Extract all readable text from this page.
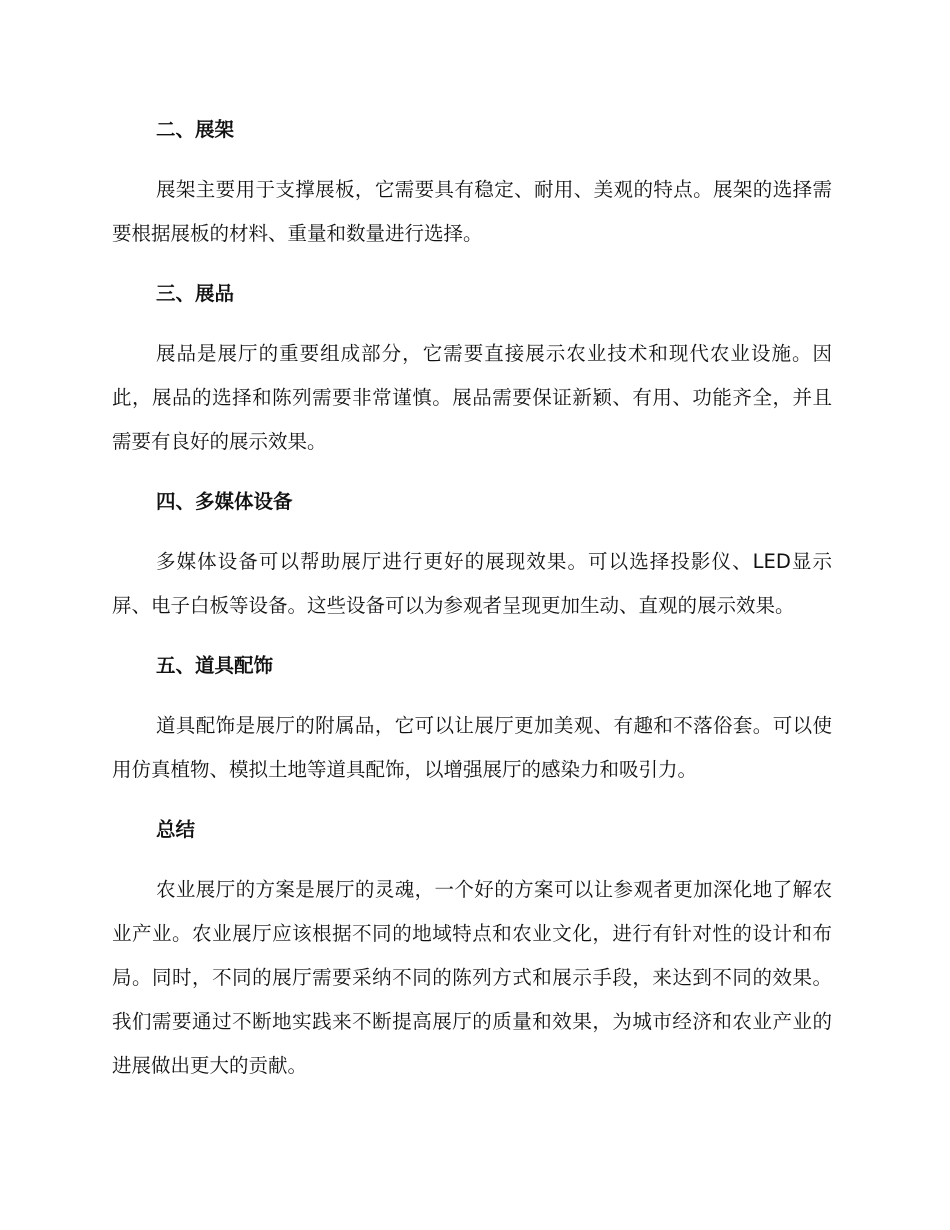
二、展架

展架主要用于支撑展板，它需要具有稳定、耐用、美观的特点。展架的选择需要根据展板的材料、重量和数量进行选择。

三、展品

展品是展厅的重要组成部分，它需要直接展示农业技术和现代农业设施。因此，展品的选择和陈列需要非常谨慎。展品需要保证新颖、有用、功能齐全，并且需要有良好的展示效果。

四、多媒体设备

多媒体设备可以帮助展厅进行更好的展现效果。可以选择投影仪、LED显示屏、电子白板等设备。这些设备可以为参观者呈现更加生动、直观的展示效果。

五、道具配饰

道具配饰是展厅的附属品，它可以让展厅更加美观、有趣和不落俗套。可以使用仿真植物、模拟土地等道具配饰，以增强展厅的感染力和吸引力。

总结

农业展厅的方案是展厅的灵魂，一个好的方案可以让参观者更加深化地了解农业产业。农业展厅应该根据不同的地域特点和农业文化，进行有针对性的设计和布局。同时，不同的展厅需要采纳不同的陈列方式和展示手段，来达到不同的效果。我们需要通过不断地实践来不断提高展厅的质量和效果，为城市经济和农业产业的进展做出更大的贡献。
